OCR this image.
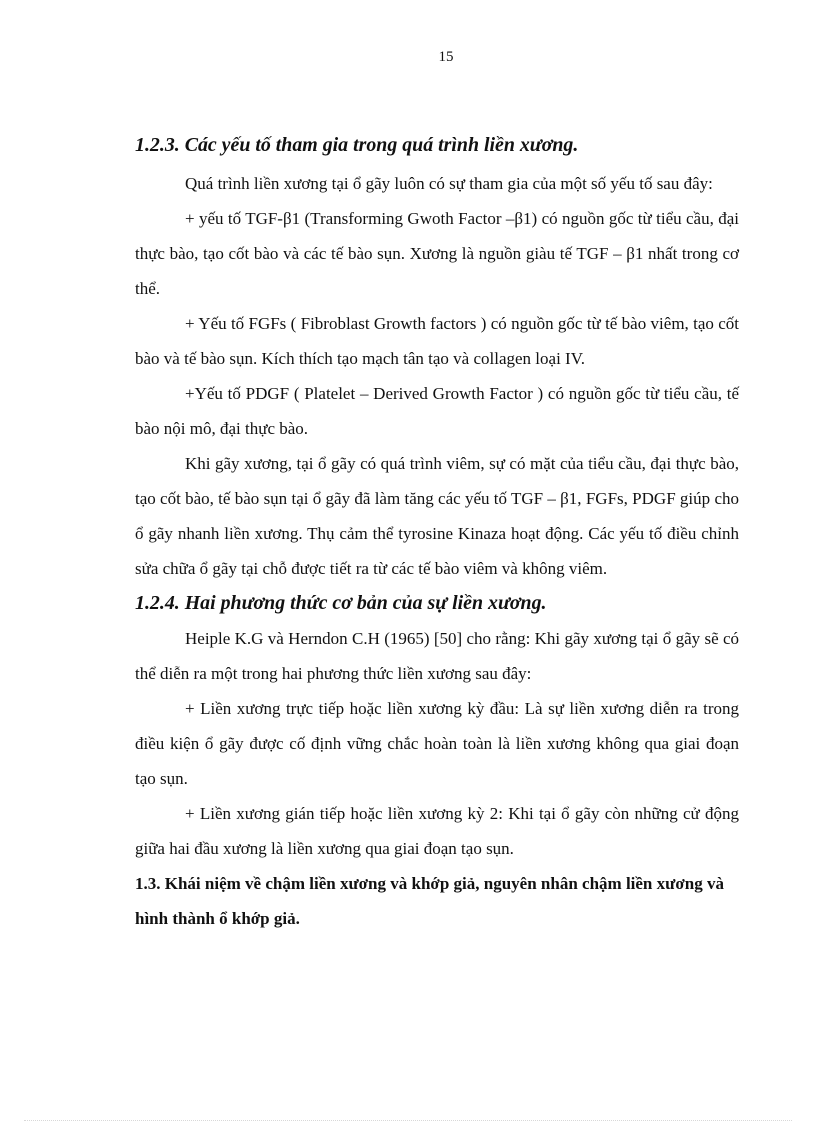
15
1.2.3. Các yếu tố tham gia trong quá trình liền xương.

Quá trình liền xương tại ổ gãy luôn có sự tham gia của một số yếu tố sau đây:

+ yếu tố TGF-β1 (Transforming Gwoth Factor –β1) có nguồn gốc từ tiểu cầu, đại thực bào, tạo cốt bào và các tế bào sụn. Xương là nguồn giàu tế TGF – β1 nhất trong cơ thể.

+ Yếu tố FGFs ( Fibroblast Growth factors ) có nguồn gốc từ tế bào viêm, tạo cốt bào và tế bào sụn. Kích thích tạo mạch tân tạo và collagen loại IV.

+Yếu tố PDGF ( Platelet – Derived Growth Factor ) có nguồn gốc từ tiểu cầu, tế bào nội mô, đại thực bào.

Khi gãy xương, tại ổ gãy có quá trình viêm, sự có mặt của tiểu cầu, đại thực bào, tạo cốt bào, tế bào sụn tại ổ gãy đã làm tăng các yếu tố TGF – β1, FGFs, PDGF giúp cho ổ gãy nhanh liền xương. Thụ cảm thể tyrosine Kinaza hoạt động. Các yếu tố điều chỉnh sửa chữa ổ gãy tại chỗ được tiết ra từ các tế bào viêm và không viêm.

1.2.4. Hai phương thức cơ bản của sự liền xương.

Heiple K.G và Herndon C.H (1965) [50] cho rằng: Khi gãy xương tại ổ gãy sẽ có thể diễn ra một trong hai phương thức liền xương sau đây:

+ Liền xương trực tiếp hoặc liền xương kỳ đầu: Là sự liền xương diễn ra trong điều kiện ổ gãy được cố định vững chắc hoàn toàn là liền xương không qua giai đoạn tạo sụn.

+ Liền xương gián tiếp hoặc liền xương kỳ 2: Khi tại ổ gãy còn những cử động giữa hai đầu xương là liền xương qua giai đoạn tạo sụn.

1.3. Khái niệm về chậm liền xương và khớp giả, nguyên nhân chậm liền xương và hình thành ổ khớp giả.
